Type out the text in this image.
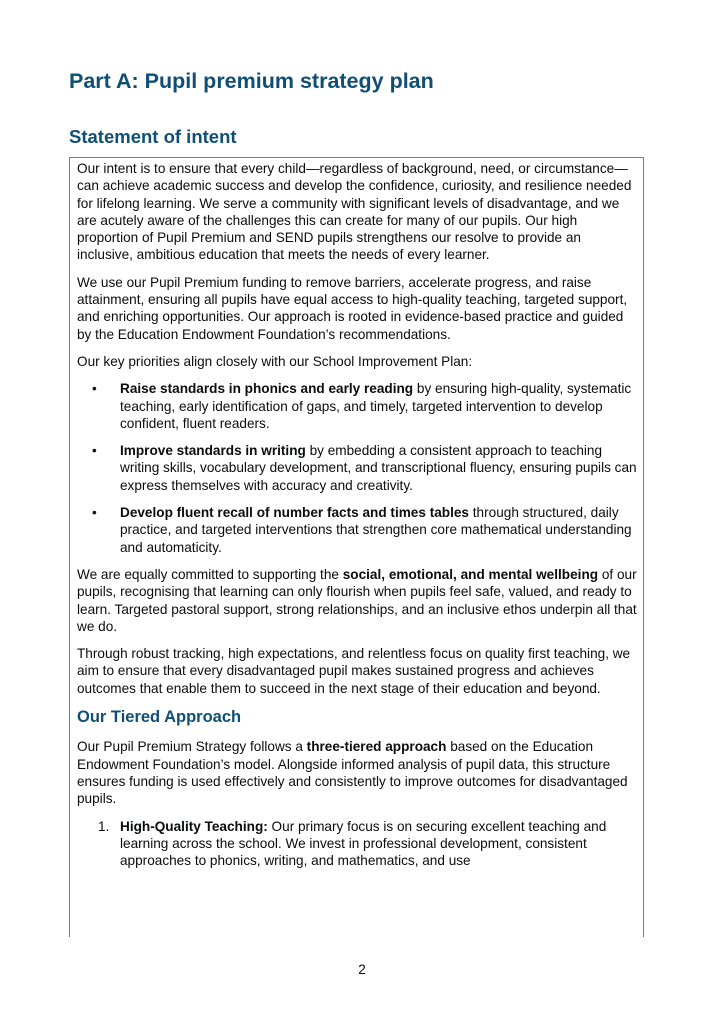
Part A: Pupil premium strategy plan
Statement of intent

Our intent is to ensure that every child—regardless of background, need, or circumstance—can achieve academic success and develop the confidence, curiosity, and resilience needed for lifelong learning. We serve a community with significant levels of disadvantage, and we are acutely aware of the challenges this can create for many of our pupils. Our high proportion of Pupil Premium and SEND pupils strengthens our resolve to provide an inclusive, ambitious education that meets the needs of every learner.

We use our Pupil Premium funding to remove barriers, accelerate progress, and raise attainment, ensuring all pupils have equal access to high-quality teaching, targeted support, and enriching opportunities. Our approach is rooted in evidence-based practice and guided by the Education Endowment Foundation’s recommendations.

Our key priorities align closely with our School Improvement Plan:

• Raise standards in phonics and early reading by ensuring high-quality, systematic teaching, early identification of gaps, and timely, targeted intervention to develop confident, fluent readers.
• Improve standards in writing by embedding a consistent approach to teaching writing skills, vocabulary development, and transcriptional fluency, ensuring pupils can express themselves with accuracy and creativity.
• Develop fluent recall of number facts and times tables through structured, daily practice, and targeted interventions that strengthen core mathematical understanding and automaticity.

We are equally committed to supporting the social, emotional, and mental wellbeing of our pupils, recognising that learning can only flourish when pupils feel safe, valued, and ready to learn. Targeted pastoral support, strong relationships, and an inclusive ethos underpin all that we do.

Through robust tracking, high expectations, and relentless focus on quality first teaching, we aim to ensure that every disadvantaged pupil makes sustained progress and achieves outcomes that enable them to succeed in the next stage of their education and beyond.

Our Tiered Approach

Our Pupil Premium Strategy follows a three-tiered approach based on the Education Endowment Foundation’s model. Alongside informed analysis of pupil data, this structure ensures funding is used effectively and consistently to improve outcomes for disadvantaged pupils.

1. High-Quality Teaching: Our primary focus is on securing excellent teaching and learning across the school. We invest in professional development, consistent approaches to phonics, writing, and mathematics, and use
2
